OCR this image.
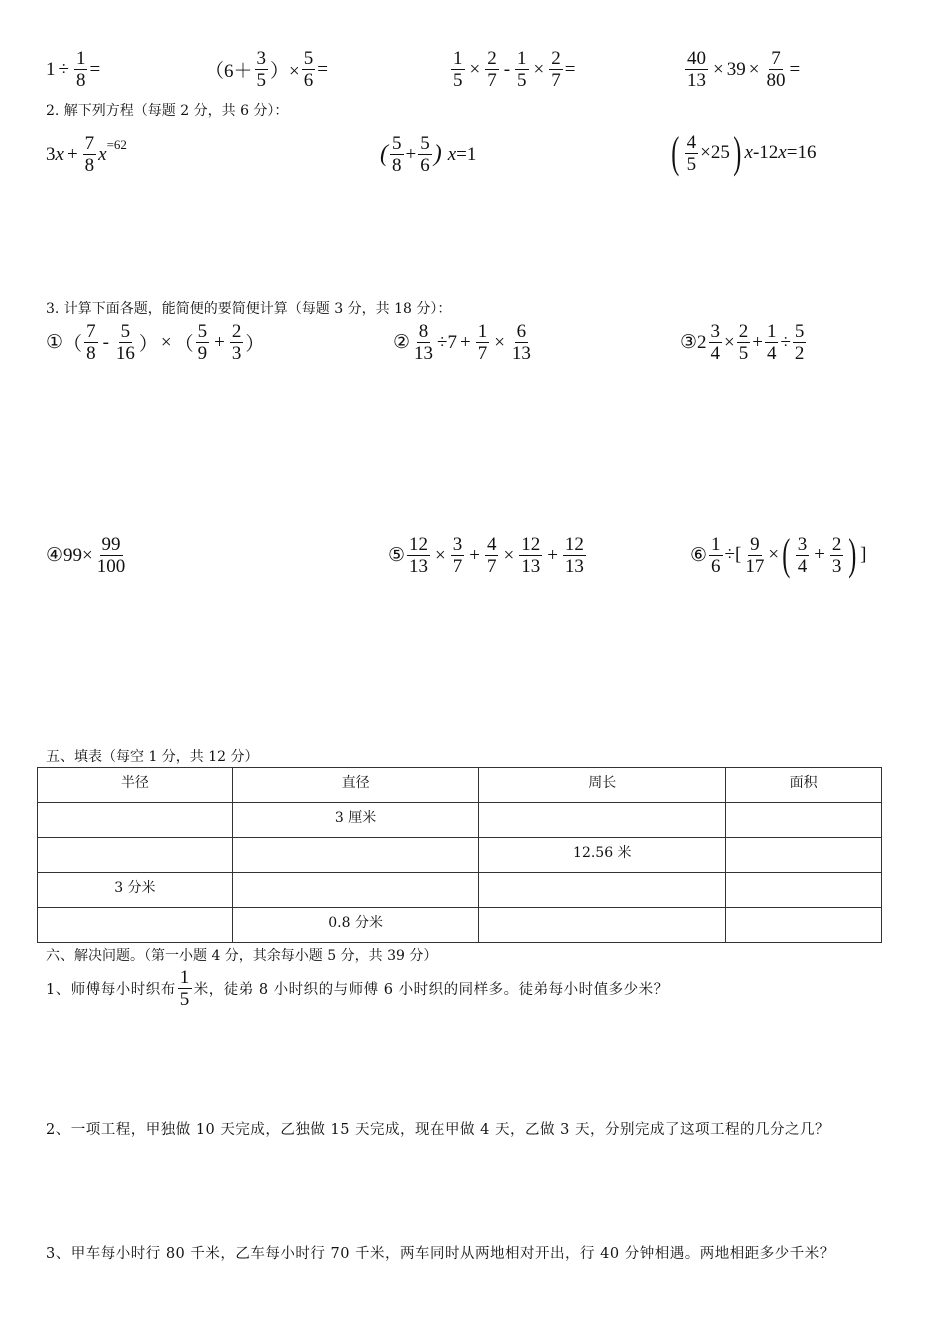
$1 \div \frac{1}{8}$ =	（$6+ \frac{3}{5}$ ）× $\frac{5}{6}$ =	$\frac{1}{5} \times \frac{2}{7} - \frac{1}{5} \times \frac{2}{7}$ =	$\frac{40}{13} \times 39 \times \frac{7}{80}$ =
2. 解下列方程（每题 2 分，共 6 分）：
3 $x + \frac{7}{8}$ x =62	( $\frac{5}{8} + \frac{5}{6}$ ) x =1	( $\frac{4}{5} \times 25$ ) x -12 x =16
3. 计算下面各题，能简便的要简便计算（每题 3 分，共 18 分）：
① （ $\frac{7}{8} - \frac{5}{16}$ ） × （ $\frac{5}{9} + \frac{2}{3}$ ）	② $\frac{8}{13} \div 7 + \frac{1}{7} \times \frac{6}{13}$	③ $2 \frac{3}{4} \times \frac{2}{5} + \frac{1}{4} \div \frac{5}{2}$
④ $99 \times \frac{99}{100}$	⑤ $\frac{12}{13} \times \frac{3}{7} + \frac{4}{7} \times \frac{12}{13} + \frac{12}{13}$	⑥ $\frac{1}{6}$ ÷[ $\frac{9}{17}$ × ( $\frac{3}{4} + \frac{2}{3}$ ) ]
五、填表（每空 1 分，共 12 分）
半径	直径	周长	面积
	3 厘米		
		12.56 米	
3 分米			
	0.8 分米		
六、解决问题。（第一小题 4 分，其余每小题 5 分，共 39 分）
1、师傅每小时织布 $\frac{1}{5}$ 米，徒弟 8 小时织的与师傅 6 小时织的同样多。徒弟每小时值多少米？
2、一项工程，甲独做 10 天完成，乙独做 15 天完成，现在甲做 4 天，乙做 3 天，分别完成了这项工程的几分之几？
3、甲车每小时行 80 千米，乙车每小时行 70 千米，两车同时从两地相对开出，行 40 分钟相遇。两地相距多少千米？
